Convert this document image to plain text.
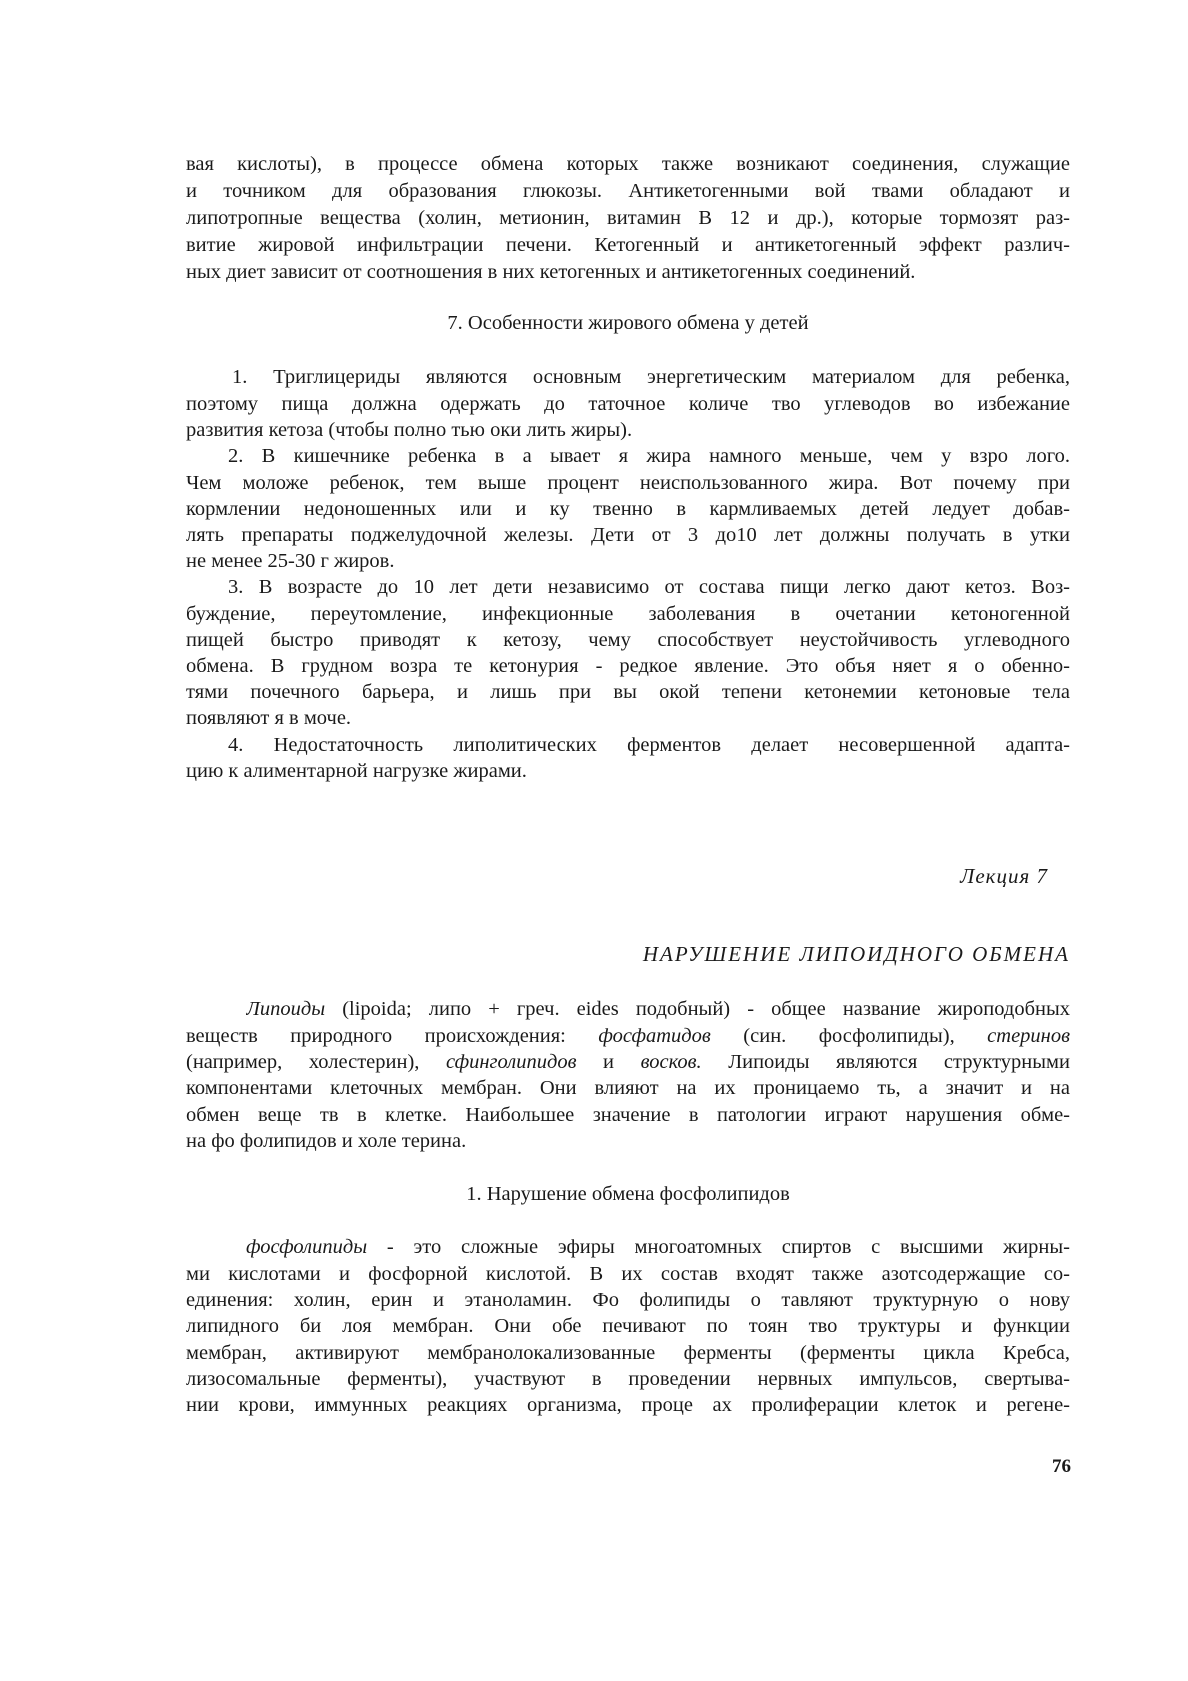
вая кислоты), в процессе обмена которых также возникают соединения, служащие
и точником для образования глюкозы. Антикетогенными вой твами обладают и
липотропные вещества (холин, метионин, витамин В 12 и др.), которые тормозят раз-
витие жировой инфильтрации печени. Кетогенный и антикетогенный эффект различ-
ных диет зависит от соотношения в них кетогенных и антикетогенных соединений.
7. Особенности жирового обмена у детей
1. Триглицериды являются основным энергетическим материалом для ребенка,
поэтому пища должна одержать до таточное количе тво углеводов во избежание
развития кетоза (чтобы полно тью оки лить жиры).
2. В кишечнике ребенка в а ывает я жира намного меньше, чем у взро лого.
Чем моложе ребенок, тем выше процент неиспользованного жира. Вот почему при
кормлении недоношенных или и ку твенно в кармливаемых детей ледует добав-
лять препараты поджелудочной железы. Дети от 3 до10 лет должны получать в утки
не менее 25-30 г жиров.
3. В возрасте до 10 лет дети независимо от состава пищи легко дают кетоз. Воз-
буждение, переутомление, инфекционные заболевания в очетании кетоногенной
пищей быстро приводят к кетозу, чему способствует неустойчивость углеводного
обмена. В грудном возра те кетонурия - редкое явление. Это объя няет я о обенно-
тями почечного барьера, и лишь при вы окой тепени кетонемии кетоновые тела
появляют я в моче.
4. Недостаточность липолитических ферментов делает несовершенной адапта-
цию к алиментарной нагрузке жирами.
Лекция 7
НАРУШЕНИЕ ЛИПОИДНОГО ОБМЕНА
Липоиды (lipoida; липо + греч. eides подобный) - общее название жироподобных
веществ природного происхождения: фосфатидов (син. фосфолипиды), стеринов
(например, холестерин), сфинголипидов и восков. Липоиды являются структурными
компонентами клеточных мембран. Они влияют на их проницаемо ть, а значит и на
обмен веще тв в клетке. Наибольшее значение в патологии играют нарушения обме-
на фо фолипидов и холе терина.
1. Нарушение обмена фосфолипидов
фосфолипиды - это сложные эфиры многоатомных спиртов с высшими жирны-
ми кислотами и фосфорной кислотой. В их состав входят также азотсодержащие со-
единения: холин, ерин и этаноламин. Фо фолипиды о тавляют труктурную о нову
липидного би лоя мембран. Они обе печивают по тоян тво труктуры и функции
мембран, активируют мембранолокализованные ферменты (ферменты цикла Кребса,
лизосомальные ферменты), участвуют в проведении нервных импульсов, свертыва-
нии крови, иммунных реакциях организма, проце ах пролиферации клеток и регене-
76
